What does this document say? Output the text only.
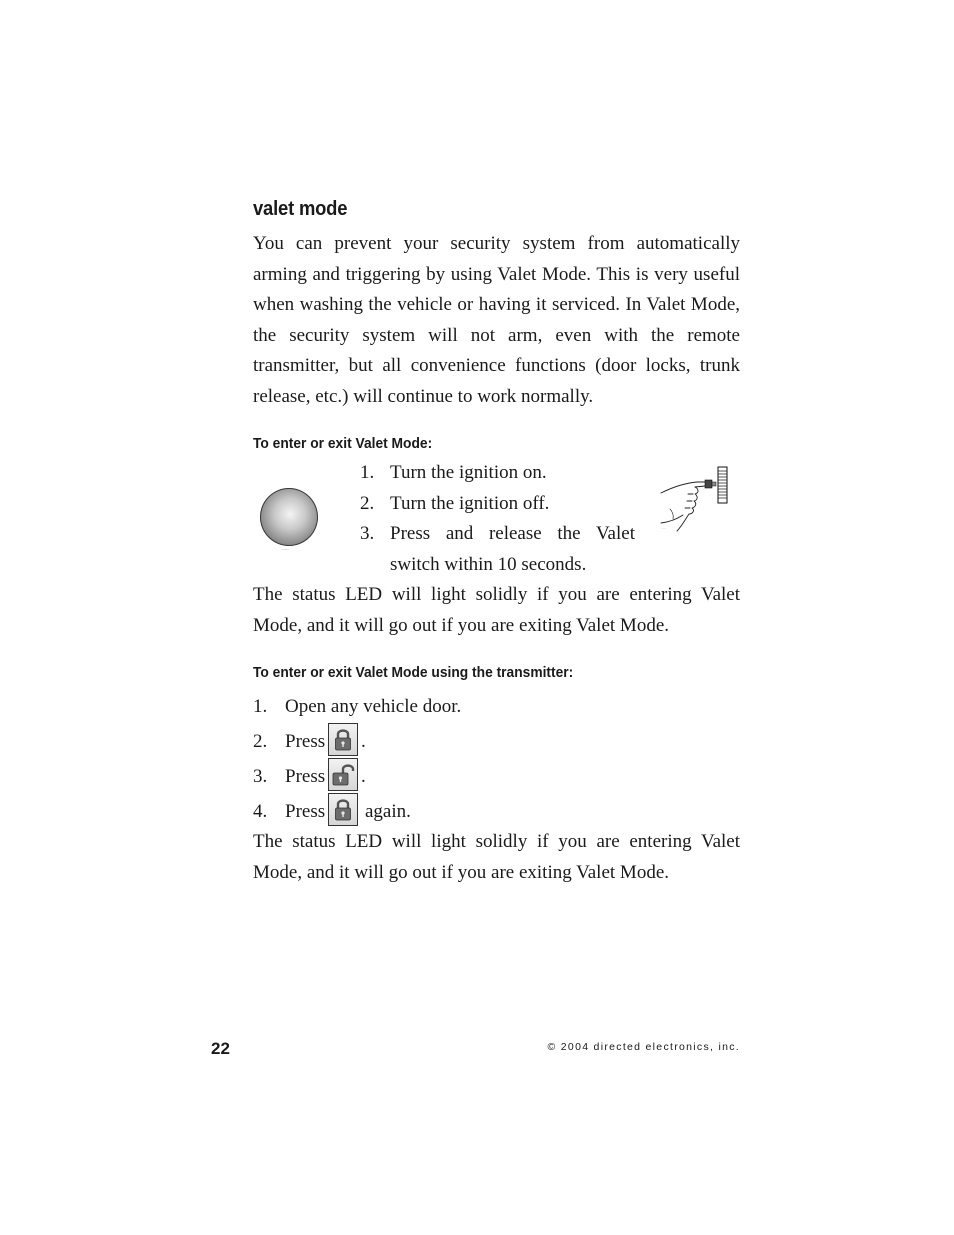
valet mode

You can prevent your security system from automatically arming and triggering by using Valet Mode. This is very useful when washing the vehicle or having it serviced. In Valet Mode, the security system will not arm, even with the remote transmitter, but all convenience functions (door locks, trunk release, etc.) will continue to work normally.

To enter or exit Valet Mode:
·····
1. Turn the ignition on.
2. Turn the ignition off.
3. Press and release the Valet
switch within 10 seconds.
·····

The status LED will light solidly if you are entering Valet Mode, and it will go out if you are exiting Valet Mode.

To enter or exit Valet Mode using the transmitter:
1. Open any vehicle door.
2. Press .
3. Press .
4. Press again.

The status LED will light solidly if you are entering Valet Mode, and it will go out if you are exiting Valet Mode.

22	© 2004 directed electronics, inc.
